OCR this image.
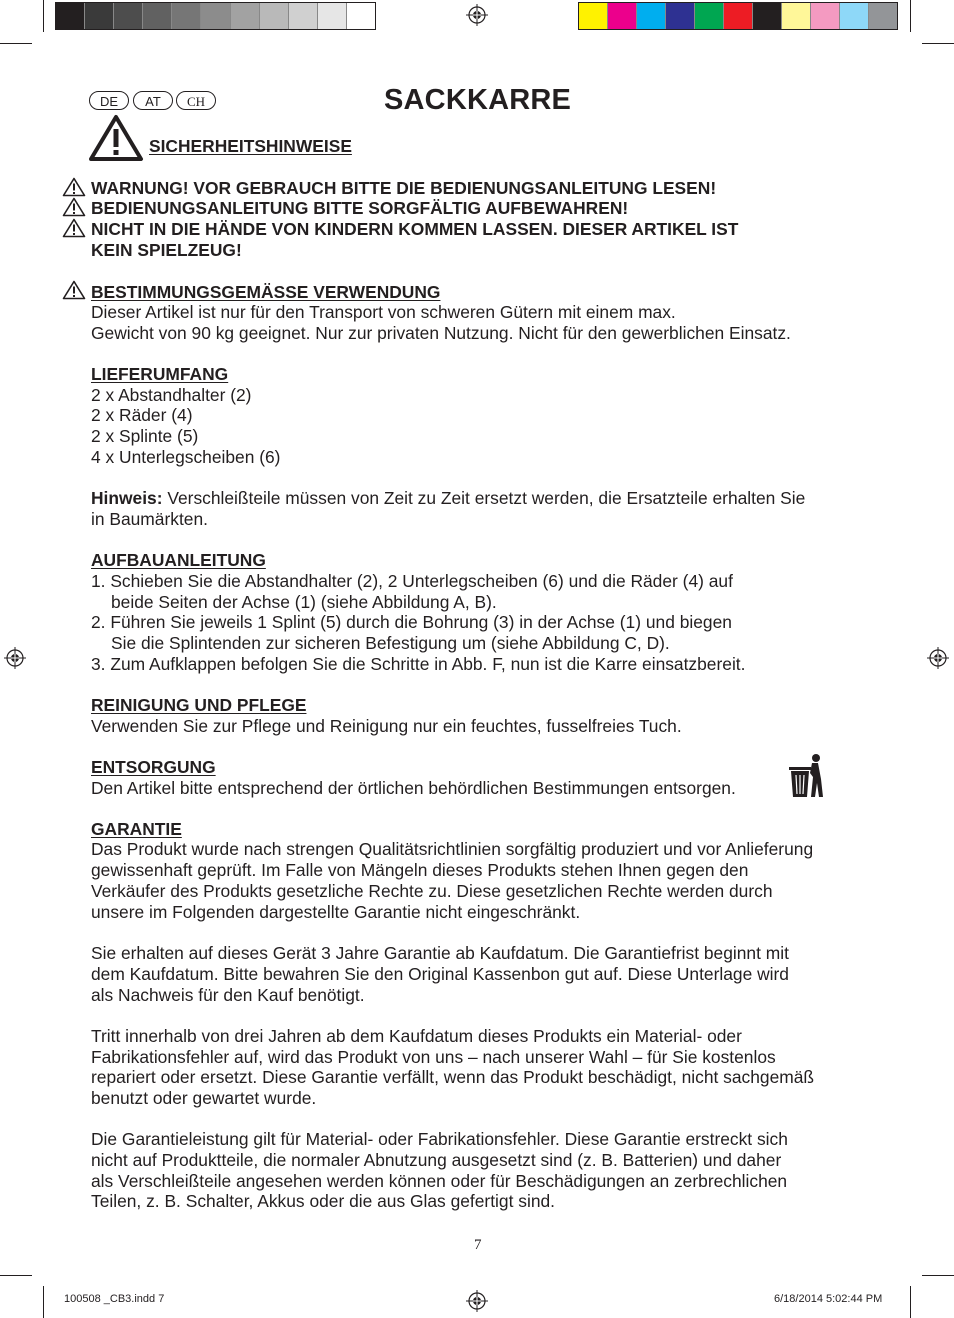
DE	AT	CH	SACKKARRE
SICHERHEITSHINWEISE
WARNUNG! VOR GEBRAUCH BITTE DIE BEDIENUNGSANLEITUNG LESEN!
BEDIENUNGSANLEITUNG BITTE SORGFÄLTIG AUFBEWAHREN!
NICHT IN DIE HÄNDE VON KINDERN KOMMEN LASSEN. DIESER ARTIKEL IST
KEIN SPIELZEUG!
BESTIMMUNGSGEMÄSSE VERWENDUNG
Dieser Artikel ist nur für den Transport von schweren Gütern mit einem max.
Gewicht von 90 kg geeignet. Nur zur privaten Nutzung. Nicht für den gewerblichen Einsatz.
LIEFERUMFANG
2 x Abstandhalter (2)
2 x Räder (4)
2 x Splinte (5)
4 x Unterlegscheiben (6)
Hinweis: Verschleißteile müssen von Zeit zu Zeit ersetzt werden, die Ersatzteile erhalten Sie
in Baumärkten.
AUFBAUANLEITUNG
1. Schieben Sie die Abstandhalter (2), 2 Unterlegscheiben (6) und die Räder (4) auf
beide Seiten der Achse (1) (siehe Abbildung A, B).
2. Führen Sie jeweils 1 Splint (5) durch die Bohrung (3) in der Achse (1) und biegen
Sie die Splintenden zur sicheren Befestigung um (siehe Abbildung C, D).
3. Zum Aufklappen befolgen Sie die Schritte in Abb. F, nun ist die Karre einsatzbereit.
REINIGUNG UND PFLEGE
Verwenden Sie zur Pflege und Reinigung nur ein feuchtes, fusselfreies Tuch.
ENTSORGUNG
Den Artikel bitte entsprechend der örtlichen behördlichen Bestimmungen entsorgen.
GARANTIE
Das Produkt wurde nach strengen Qualitätsrichtlinien sorgfältig produziert und vor Anlieferung
gewissenhaft geprüft. Im Falle von Mängeln dieses Produkts stehen Ihnen gegen den
Verkäufer des Produkts gesetzliche Rechte zu. Diese gesetzlichen Rechte werden durch
unsere im Folgenden dargestellte Garantie nicht eingeschränkt.
Sie erhalten auf dieses Gerät 3 Jahre Garantie ab Kaufdatum. Die Garantiefrist beginnt mit
dem Kaufdatum. Bitte bewahren Sie den Original Kassenbon gut auf. Diese Unterlage wird
als Nachweis für den Kauf benötigt.
Tritt innerhalb von drei Jahren ab dem Kaufdatum dieses Produkts ein Material- oder
Fabrikationsfehler auf, wird das Produkt von uns – nach unserer Wahl – für Sie kostenlos
repariert oder ersetzt. Diese Garantie verfällt, wenn das Produkt beschädigt, nicht sachgemäß
benutzt oder gewartet wurde.
Die Garantieleistung gilt für Material- oder Fabrikationsfehler. Diese Garantie erstreckt sich
nicht auf Produktteile, die normaler Abnutzung ausgesetzt sind (z. B. Batterien) und daher
als Verschleißteile angesehen werden können oder für Beschädigungen an zerbrechlichen
Teilen, z. B. Schalter, Akkus oder die aus Glas gefertigt sind.
7
100508 _CB3.indd 7	6/18/2014 5:02:44 PM
